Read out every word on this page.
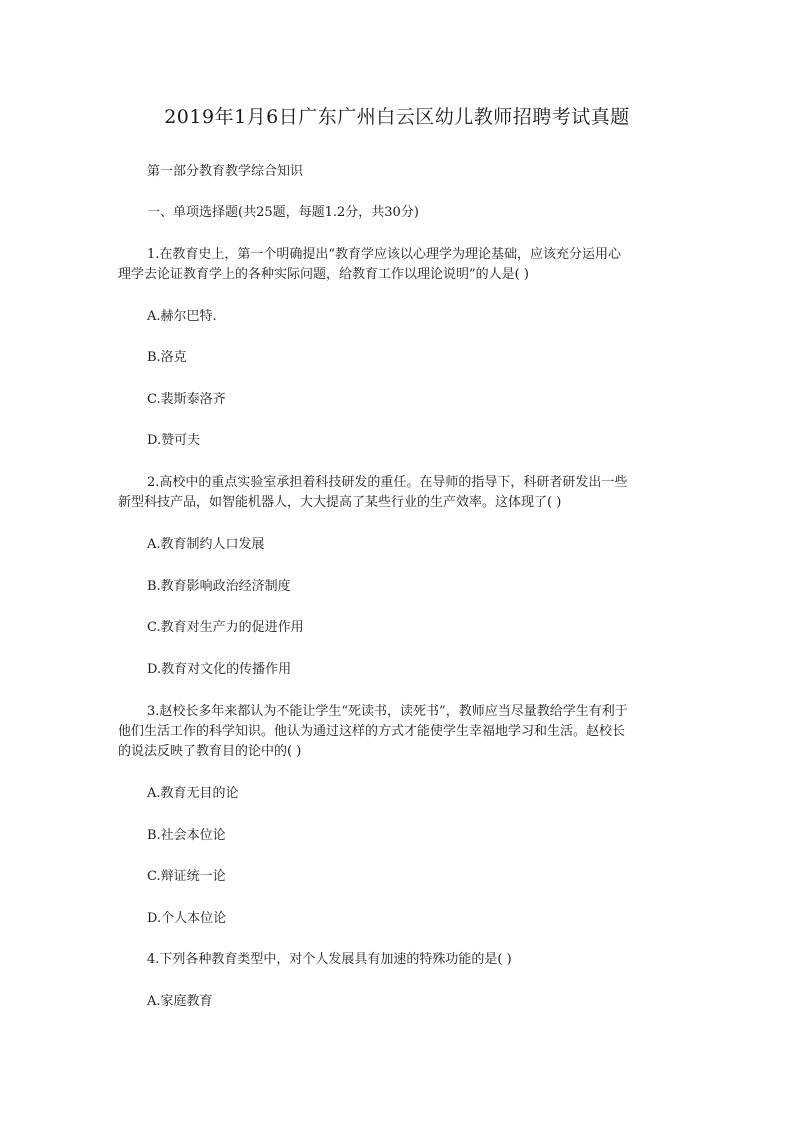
2019年1月6日广东广州白云区幼儿教师招聘考试真题
第一部分教育教学综合知识
一、单项选择题(共25题，每题1.2分，共30分)
1.在教育史上，第一个明确提出“教育学应该以心理学为理论基础，应该充分运用心
理学去论证教育学上的各种实际问题，给教育工作以理论说明”的人是( )
A.赫尔巴特.
B.洛克
C.裴斯泰洛齐
D.赞可夫
2.高校中的重点实验室承担着科技研发的重任。在导师的指导下，科研者研发出一些
新型科技产品，如智能机器人，大大提高了某些行业的生产效率。这体现了( )
A.教育制约人口发展
B.教育影响政治经济制度
C.教育对生产力的促进作用
D.教育对文化的传播作用
3.赵校长多年来都认为不能让学生“死读书，读死书”，教师应当尽量教给学生有利于
他们生活工作的科学知识。他认为通过这样的方式才能使学生幸福地学习和生活。赵校长
的说法反映了教育目的论中的( )
A.教育无目的论
B.社会本位论
C.辩证统一论
D.个人本位论
4.下列各种教育类型中，对个人发展具有加速的特殊功能的是( )
A.家庭教育
